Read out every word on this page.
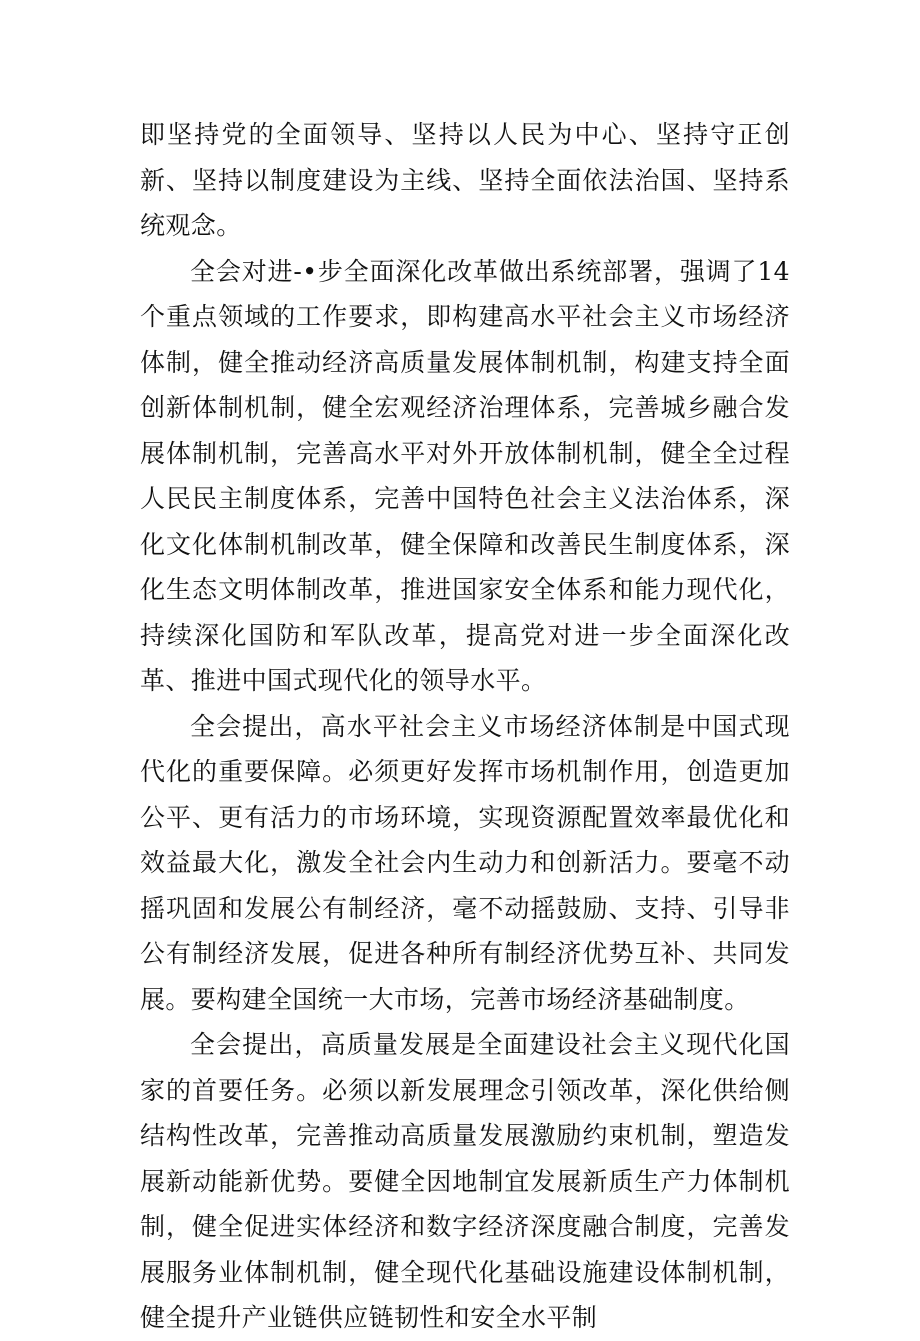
即坚持党的全面领导、坚持以人民为中心、坚持守正创新、坚持以制度建设为主线、坚持全面依法治国、坚持系统观念。

全会对进-•步全面深化改革做出系统部署，强调了14个重点领域的工作要求，即构建高水平社会主义市场经济体制，健全推动经济高质量发展体制机制，构建支持全面创新体制机制，健全宏观经济治理体系，完善城乡融合发展体制机制，完善高水平对外开放体制机制，健全全过程人民民主制度体系，完善中国特色社会主义法治体系，深化文化体制机制改革，健全保障和改善民生制度体系，深化生态文明体制改革，推进国家安全体系和能力现代化，持续深化国防和军队改革，提高党对进一步全面深化改革、推进中国式现代化的领导水平。

全会提出，高水平社会主义市场经济体制是中国式现代化的重要保障。必须更好发挥市场机制作用，创造更加公平、更有活力的市场环境，实现资源配置效率最优化和效益最大化，激发全社会内生动力和创新活力。要毫不动摇巩固和发展公有制经济，毫不动摇鼓励、支持、引导非公有制经济发展，促进各种所有制经济优势互补、共同发展。要构建全国统一大市场，完善市场经济基础制度。

全会提出，高质量发展是全面建设社会主义现代化国家的首要任务。必须以新发展理念引领改革，深化供给侧结构性改革，完善推动高质量发展激励约束机制，塑造发展新动能新优势。要健全因地制宜发展新质生产力体制机制，健全促进实体经济和数字经济深度融合制度，完善发展服务业体制机制，健全现代化基础设施建设体制机制，健全提升产业链供应链韧性和安全水平制
